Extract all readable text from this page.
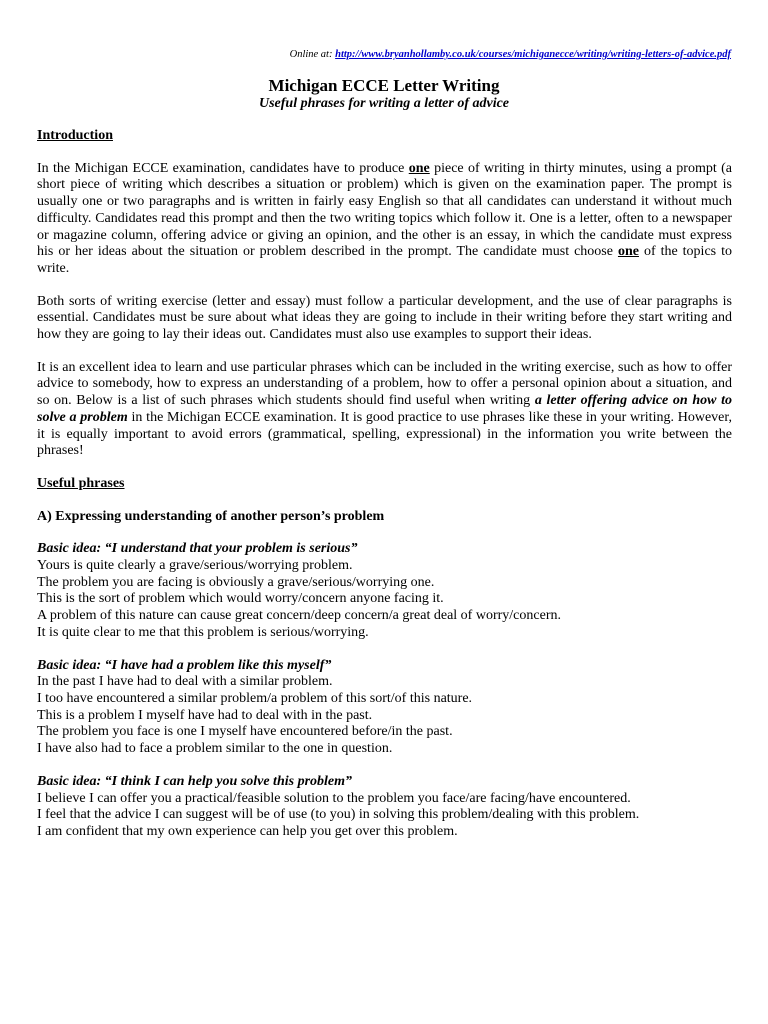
Online at: http://www.bryanhollamby.co.uk/courses/michiganecce/writing/writing-letters-of-advice.pdf
Michigan ECCE Letter Writing
Useful phrases for writing a letter of advice
Introduction

In the Michigan ECCE examination, candidates have to produce one piece of writing in thirty minutes, using a prompt (a short piece of writing which describes a situation or problem) which is given on the examination paper. The prompt is usually one or two paragraphs and is written in fairly easy English so that all candidates can understand it without much difficulty. Candidates read this prompt and then the two writing topics which follow it. One is a letter, often to a newspaper or magazine column, offering advice or giving an opinion, and the other is an essay, in which the candidate must express his or her ideas about the situation or problem described in the prompt. The candidate must choose one of the topics to write.

Both sorts of writing exercise (letter and essay) must follow a particular development, and the use of clear paragraphs is essential. Candidates must be sure about what ideas they are going to include in their writing before they start writing and how they are going to lay their ideas out. Candidates must also use examples to support their ideas.

It is an excellent idea to learn and use particular phrases which can be included in the writing exercise, such as how to offer advice to somebody, how to express an understanding of a problem, how to offer a personal opinion about a situation, and so on. Below is a list of such phrases which students should find useful when writing a letter offering advice on how to solve a problem in the Michigan ECCE examination. It is good practice to use phrases like these in your writing. However, it is equally important to avoid errors (grammatical, spelling, expressional) in the information you write between the phrases!

Useful phrases
A) Expressing understanding of another person’s problem
Basic idea: “I understand that your problem is serious”
Yours is quite clearly a grave/serious/worrying problem.
The problem you are facing is obviously a grave/serious/worrying one.
This is the sort of problem which would worry/concern anyone facing it.
A problem of this nature can cause great concern/deep concern/a great deal of worry/concern.
It is quite clear to me that this problem is serious/worrying.
Basic idea: “I have had a problem like this myself”
In the past I have had to deal with a similar problem.
I too have encountered a similar problem/a problem of this sort/of this nature.
This is a problem I myself have had to deal with in the past.
The problem you face is one I myself have encountered before/in the past.
I have also had to face a problem similar to the one in question.
Basic idea: “I think I can help you solve this problem”
I believe I can offer you a practical/feasible solution to the problem you face/are facing/have encountered.
I feel that the advice I can suggest will be of use (to you) in solving this problem/dealing with this problem.
I am confident that my own experience can help you get over this problem.
